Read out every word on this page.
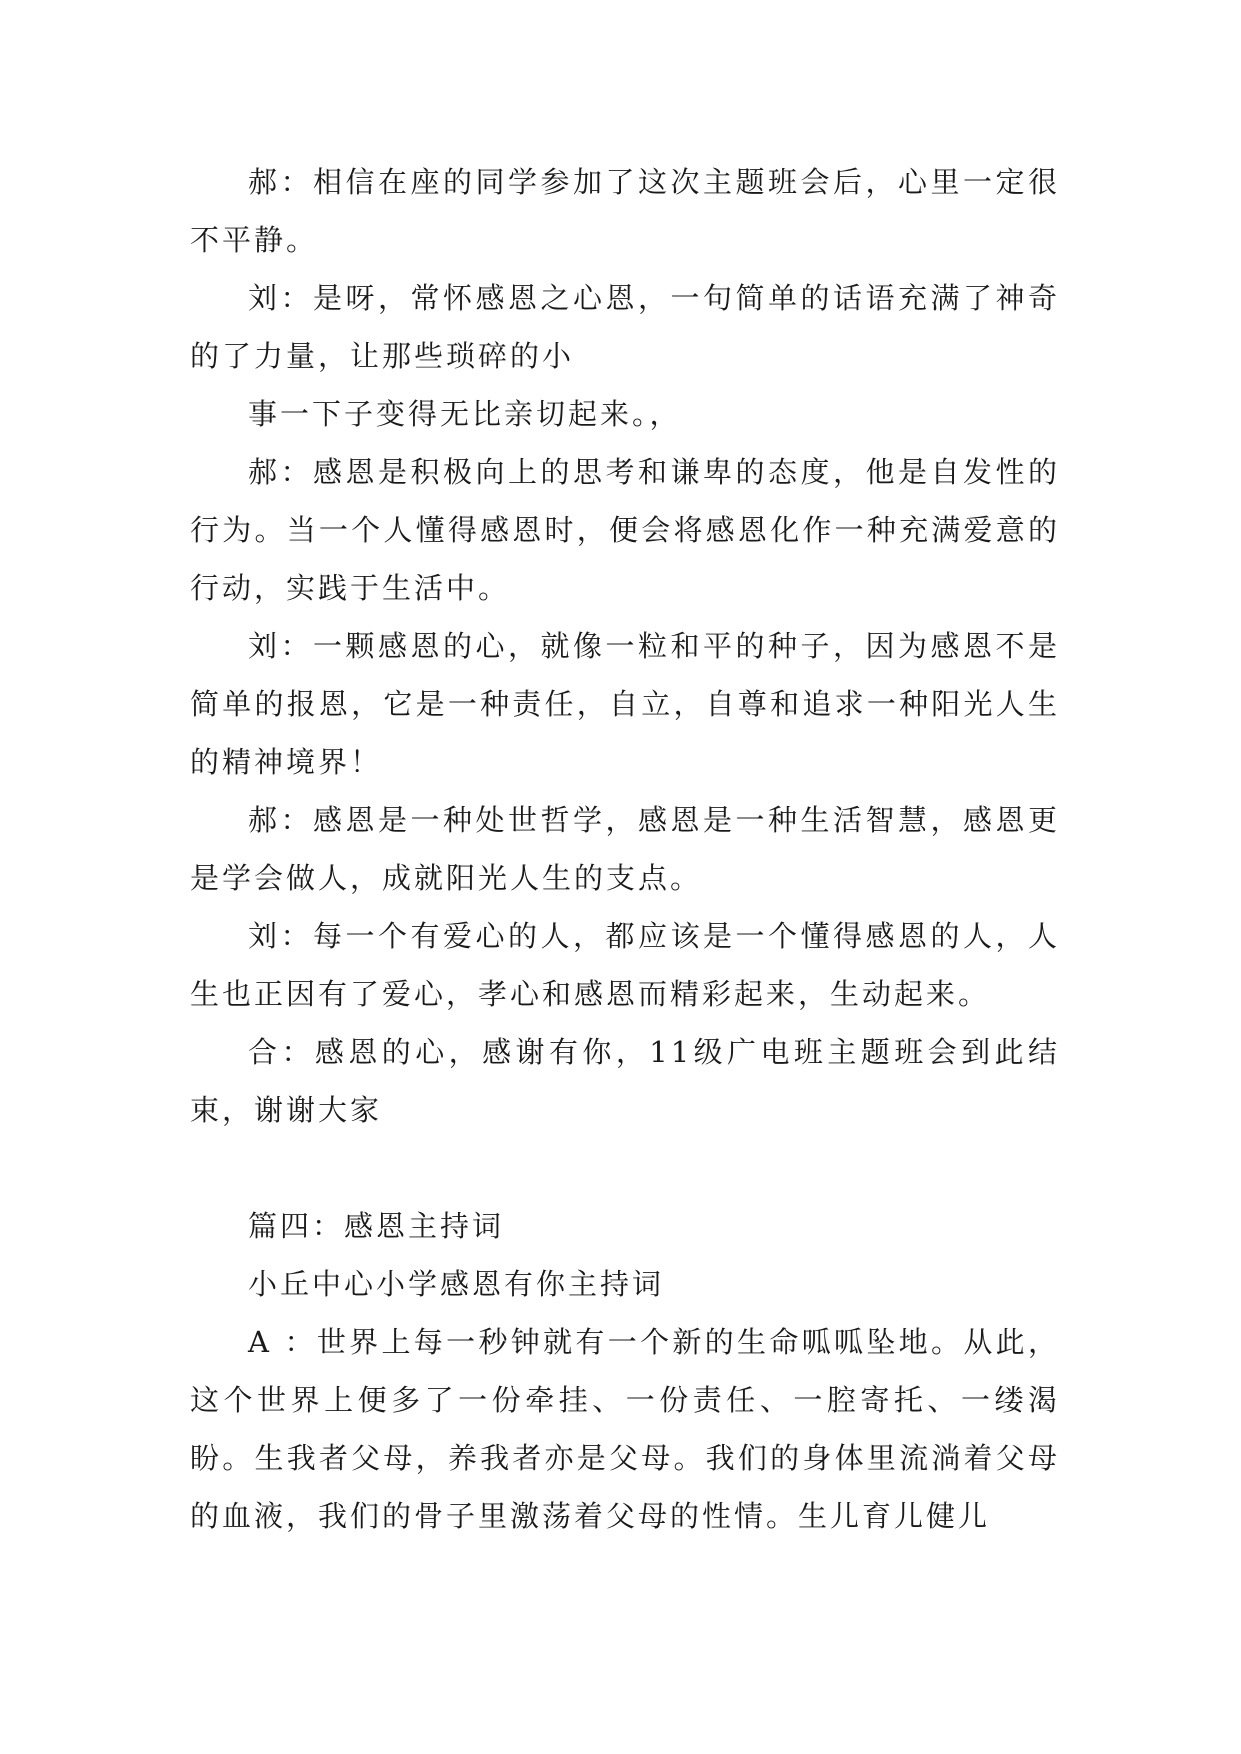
郝：相信在座的同学参加了这次主题班会后，心里一定很不平静。

刘：是呀，常怀感恩之心恩，一句简单的话语充满了神奇的了力量，让那些琐碎的小

事一下子变得无比亲切起来。，

郝：感恩是积极向上的思考和谦卑的态度，他是自发性的行为。当一个人懂得感恩时，便会将感恩化作一种充满爱意的行动，实践于生活中。

刘：一颗感恩的心，就像一粒和平的种子，因为感恩不是简单的报恩，它是一种责任，自立，自尊和追求一种阳光人生的精神境界！

郝：感恩是一种处世哲学，感恩是一种生活智慧，感恩更是学会做人，成就阳光人生的支点。

刘：每一个有爱心的人，都应该是一个懂得感恩的人，人生也正因有了爱心，孝心和感恩而精彩起来，生动起来。

合：感恩的心，感谢有你，11级广电班主题班会到此结束，谢谢大家

篇四：感恩主持词

小丘中心小学感恩有你主持词

A ：世界上每一秒钟就有一个新的生命呱呱坠地。从此，这个世界上便多了一份牵挂、一份责任、一腔寄托、一缕渴盼。生我者父母，养我者亦是父母。我们的身体里流淌着父母的血液，我们的骨子里激荡着父母的性情。生儿育儿健儿
